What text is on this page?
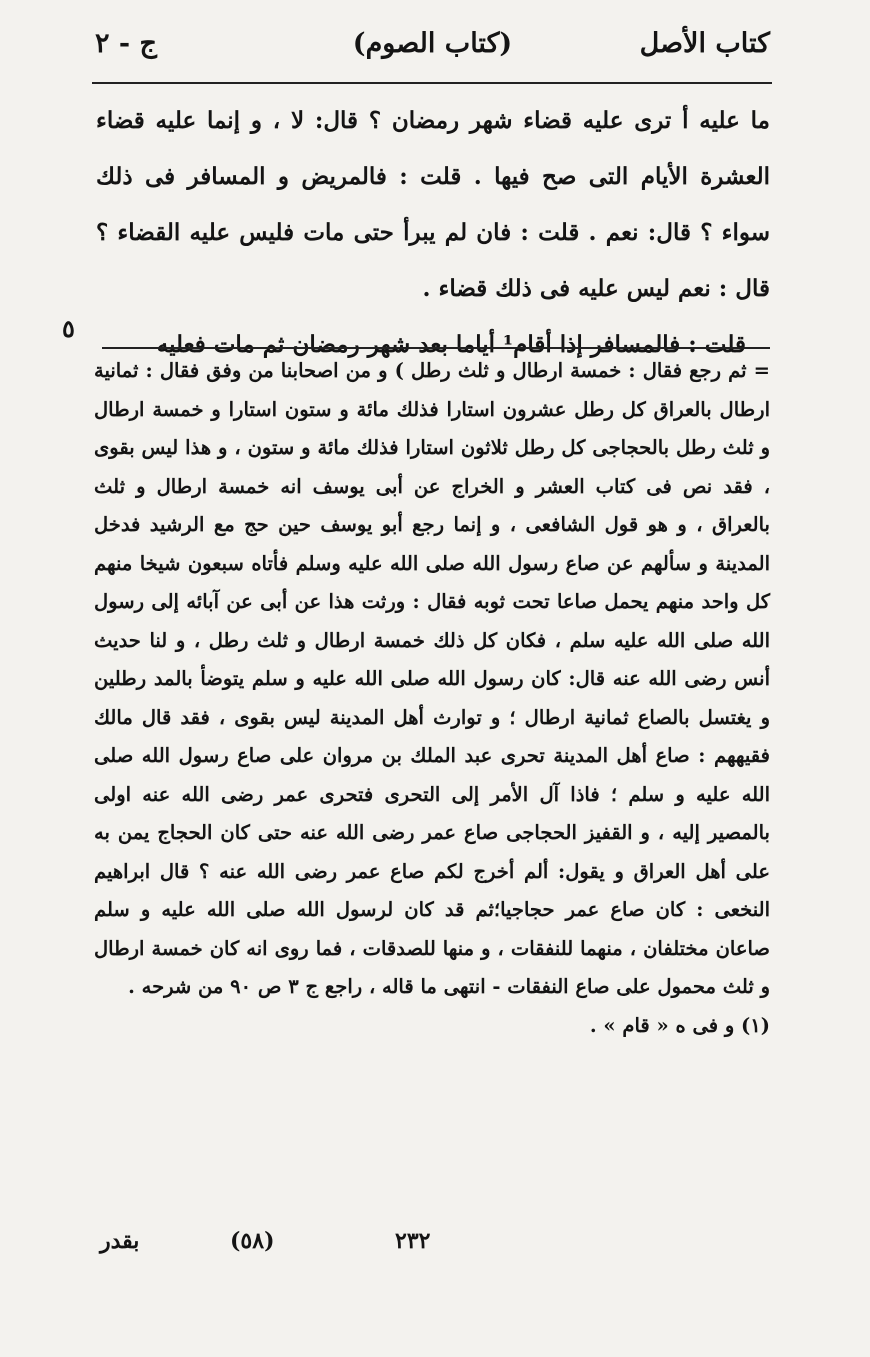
كتاب الأصل
(كتاب الصوم)
ج - ٢

ما عليه أ ترى عليه قضاء شهر رمضان ؟ قال: لا ، و إنما عليه قضاء العشرة الأيام التى صح فيها . قلت : فالمريض و المسافر فى ذلك سواء ؟ قال: نعم . قلت : فان لم يبرأ حتى مات فليس عليه القضاء ؟ قال : نعم ليس عليه فى ذلك قضاء .

قلت : فالمسافر إذا أقام¹ أياما بعد شهر رمضان ثم مات فعليه

٥

= ثم رجع فقال : خمسة ارطال و ثلث رطل ) و من اصحابنا من وفق فقال : ثمانية ارطال بالعراق كل رطل عشرون استارا فذلك مائة و ستون استارا و خمسة ارطال و ثلث رطل بالحجاجى كل رطل ثلاثون استارا فذلك مائة و ستون ، و هذا ليس بقوى ، فقد نص فى كتاب العشر و الخراج عن أبى يوسف انه خمسة ارطال و ثلث بالعراق ، و هو قول الشافعى ، و إنما رجع أبو يوسف حين حج مع الرشيد فدخل المدينة و سألهم عن صاع رسول الله صلى الله عليه وسلم فأتاه سبعون شيخا منهم كل واحد منهم يحمل صاعا تحت ثوبه فقال : ورثت هذا عن أبى عن آبائه إلى رسول الله صلى الله عليه سلم ، فكان كل ذلك خمسة ارطال و ثلث رطل ، و لنا حديث أنس رضى الله عنه قال: كان رسول الله صلى الله عليه و سلم يتوضأ بالمد رطلين و يغتسل بالصاع ثمانية ارطال ؛ و توارث أهل المدينة ليس بقوى ، فقد قال مالك فقيههم : صاع أهل المدينة تحرى عبد الملك بن مروان على صاع رسول الله صلى الله عليه و سلم ؛ فاذا آل الأمر إلى التحرى فتحرى عمر رضى الله عنه اولى بالمصير إليه ، و القفيز الحجاجى صاع عمر رضى الله عنه حتى كان الحجاج يمن به على أهل العراق و يقول: ألم أخرج لكم صاع عمر رضى الله عنه ؟ قال ابراهيم النخعى : كان صاع عمر حجاجيا؛ثم قد كان لرسول الله صلى الله عليه و سلم صاعان مختلفان ، منهما للنفقات ، و منها للصدقات ، فما روى انه كان خمسة ارطال و ثلث محمول على صاع النفقات - انتهى ما قاله ، راجع ج ٣ ص ٩٠ من شرحه .

(١) و فى ه « قام » .

٢٣٢
(٥٨)
بقدر
